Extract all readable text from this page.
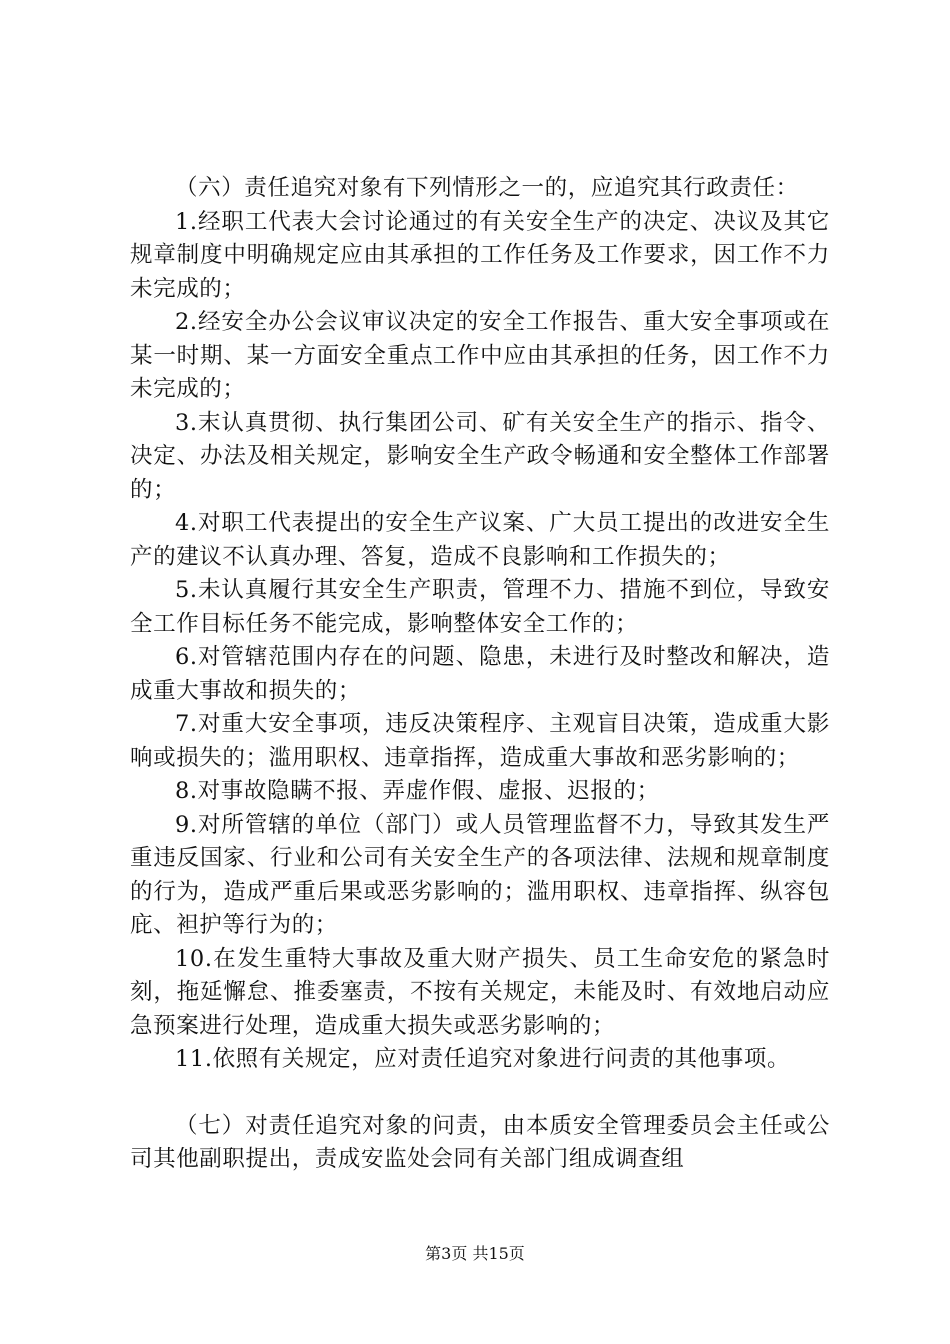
（六）责任追究对象有下列情形之一的，应追究其行政责任：

1.经职工代表大会讨论通过的有关安全生产的决定、决议及其它规章制度中明确规定应由其承担的工作任务及工作要求，因工作不力未完成的；

2.经安全办公会议审议决定的安全工作报告、重大安全事项或在某一时期、某一方面安全重点工作中应由其承担的任务，因工作不力未完成的；

3.末认真贯彻、执行集团公司、矿有关安全生产的指示、指令、决定、办法及相关规定，影响安全生产政令畅通和安全整体工作部署的；

4.对职工代表提出的安全生产议案、广大员工提出的改进安全生产的建议不认真办理、答复，造成不良影响和工作损失的；

5.未认真履行其安全生产职责，管理不力、措施不到位，导致安全工作目标任务不能完成，影响整体安全工作的；

6.对管辖范围内存在的问题、隐患，未进行及时整改和解决，造成重大事故和损失的；

7.对重大安全事项，违反决策程序、主观盲目决策，造成重大影响或损失的；滥用职权、违章指挥，造成重大事故和恶劣影响的；

8.对事故隐瞒不报、弄虚作假、虚报、迟报的；

9.对所管辖的单位（部门）或人员管理监督不力，导致其发生严重违反国家、行业和公司有关安全生产的各项法律、法规和规章制度的行为，造成严重后果或恶劣影响的；滥用职权、违章指挥、纵容包庇、袒护等行为的；

10.在发生重特大事故及重大财产损失、员工生命安危的紧急时刻，拖延懈怠、推委塞责，不按有关规定，未能及时、有效地启动应急预案进行处理，造成重大损失或恶劣影响的；

11.依照有关规定，应对责任追究对象进行问责的其他事项。

（七）对责任追究对象的问责，由本质安全管理委员会主任或公司其他副职提出，责成安监处会同有关部门组成调查组

第3页 共15页
